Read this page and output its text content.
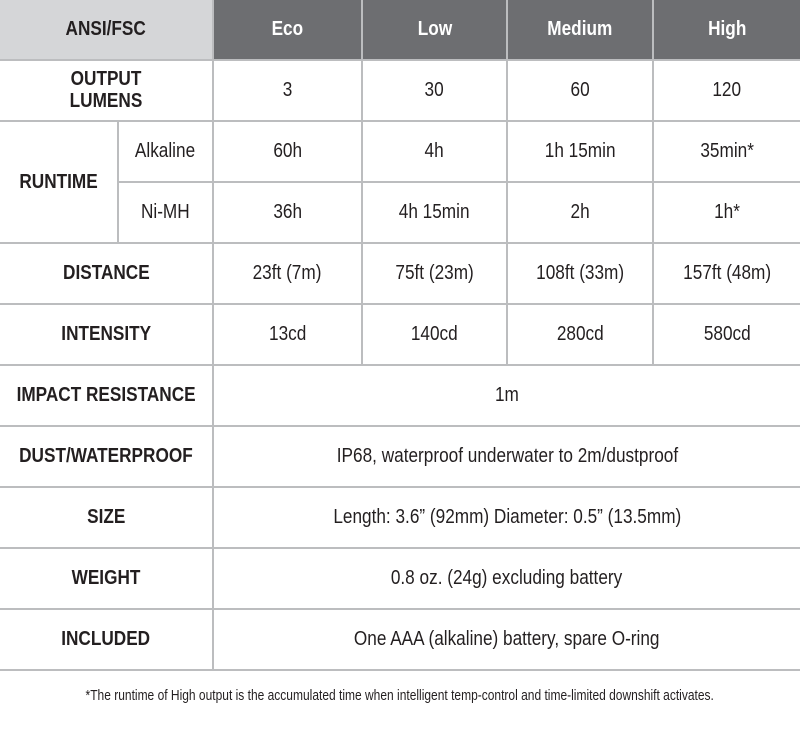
ANSI/FSC		Eco	Low	Medium	High
OUTPUT LUMENS		3	30	60	120
RUNTIME	Alkaline	60h	4h	1h 15min	35min*
	Ni-MH	36h	4h 15min	2h	1h*
DISTANCE		23ft (7m)	75ft (23m)	108ft (33m)	157ft (48m)
INTENSITY		13cd	140cd	280cd	580cd
IMPACT RESISTANCE		1m			
DUST/WATERPROOF		IP68, waterproof underwater to 2m/dustproof			
SIZE		Length: 3.6” (92mm) Diameter: 0.5” (13.5mm)			
WEIGHT		0.8 oz. (24g) excluding battery			
INCLUDED		One AAA (alkaline) battery, spare O-ring			
*The runtime of High output is the accumulated time when intelligent temp-control and time-limited downshift activates.
